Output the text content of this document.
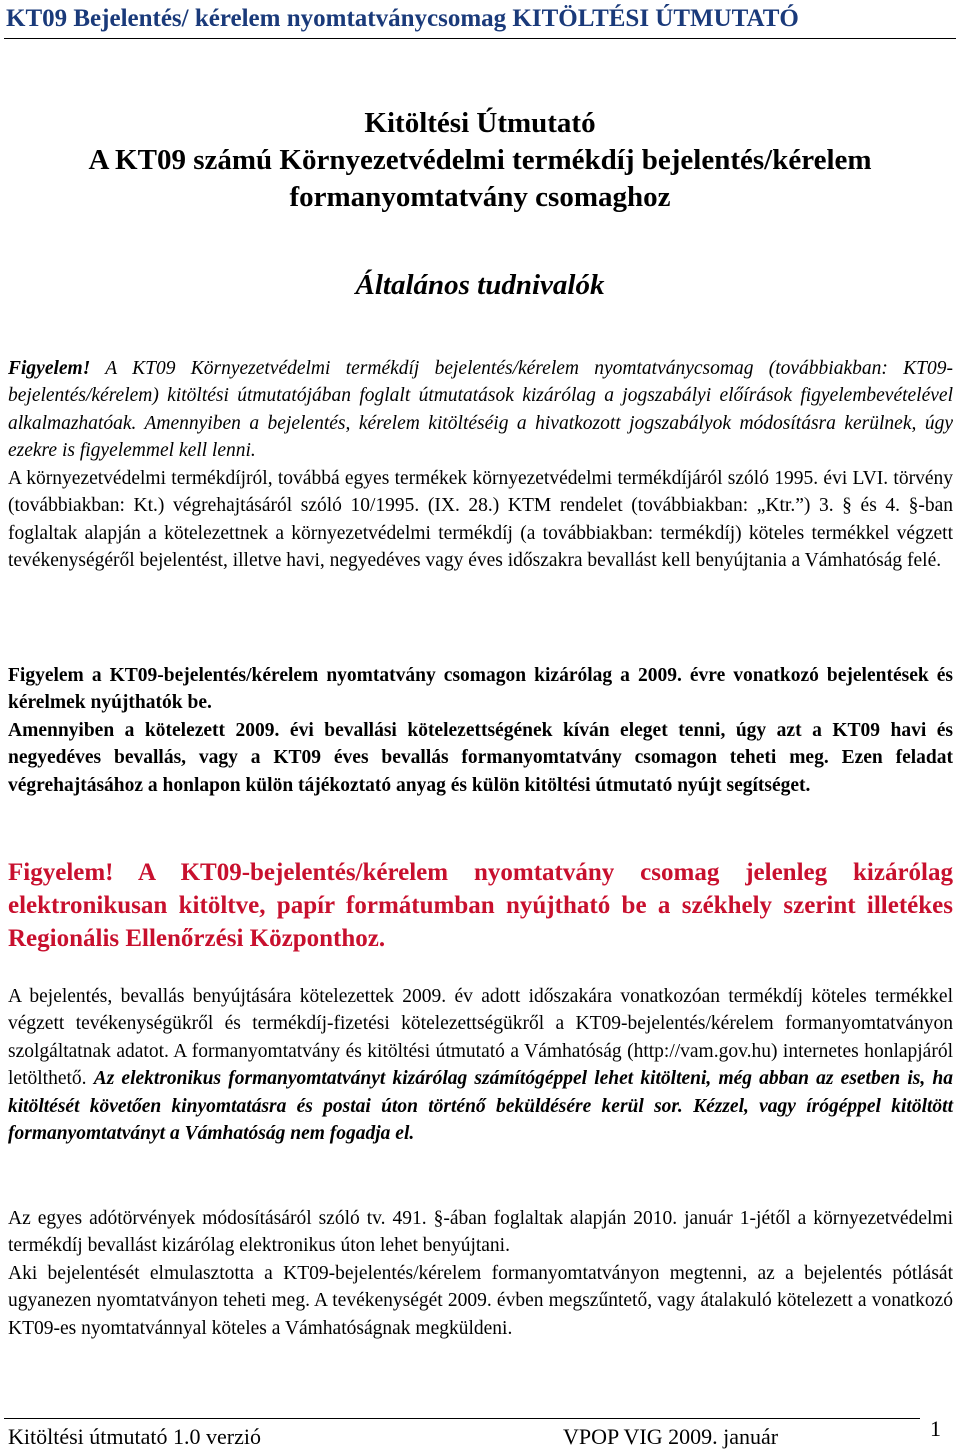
KT09 Bejelentés/ kérelem nyomtatványcsomag KITÖLTÉSI ÚTMUTATÓ
Kitöltési Útmutató
A KT09 számú Környezetvédelmi termékdíj bejelentés/kérelem
formanyomtatvány csomaghoz
Általános tudnivalók
Figyelem! A KT09 Környezetvédelmi termékdíj bejelentés/kérelem nyomtatványcsomag (továbbiakban: KT09-bejelentés/kérelem) kitöltési útmutatójában foglalt útmutatások kizárólag a jogszabályi előírások figyelembevételével alkalmazhatóak. Amennyiben a bejelentés, kérelem kitöltéséig a hivatkozott jogszabályok módosításra kerülnek, úgy ezekre is figyelemmel kell lenni.
A környezetvédelmi termékdíjról, továbbá egyes termékek környezetvédelmi termékdíjáról szóló 1995. évi LVI. törvény (továbbiakban: Kt.) végrehajtásáról szóló 10/1995. (IX. 28.) KTM rendelet (továbbiakban: „Ktr.”) 3. § és 4. §-ban foglaltak alapján a kötelezettnek a környezetvédelmi termékdíj (a továbbiakban: termékdíj) köteles termékkel végzett tevékenységéről bejelentést, illetve havi, negyedéves vagy éves időszakra bevallást kell benyújtania a Vámhatóság felé.
Figyelem a KT09-bejelentés/kérelem nyomtatvány csomagon kizárólag a 2009. évre vonatkozó bejelentések és kérelmek nyújthatók be.
Amennyiben a kötelezett 2009. évi bevallási kötelezettségének kíván eleget tenni, úgy azt a KT09 havi és negyedéves bevallás, vagy a KT09 éves bevallás formanyomtatvány csomagon teheti meg. Ezen feladat végrehajtásához a honlapon külön tájékoztató anyag és külön kitöltési útmutató nyújt segítséget.
Figyelem! A KT09-bejelentés/kérelem nyomtatvány csomag jelenleg kizárólag elektronikusan kitöltve, papír formátumban nyújtható be a székhely szerint illetékes Regionális Ellenőrzési Központhoz.
A bejelentés, bevallás benyújtására kötelezettek 2009. év adott időszakára vonatkozóan termékdíj köteles termékkel végzett tevékenységükről és termékdíj-fizetési kötelezettségükről a KT09-bejelentés/kérelem formanyomtatványon szolgáltatnak adatot. A formanyomtatvány és kitöltési útmutató a Vámhatóság (http://vam.gov.hu) internetes honlapjáról letölthető. Az elektronikus formanyomtatványt kizárólag számítógéppel lehet kitölteni, még abban az esetben is, ha kitöltését követően kinyomtatásra és postai úton történő beküldésére kerül sor. Kézzel, vagy írógéppel kitöltött formanyomtatványt a Vámhatóság nem fogadja el.
Az egyes adótörvények módosításáról szóló tv. 491. §-ában foglaltak alapján 2010. január 1-jétől a környezetvédelmi termékdíj bevallást kizárólag elektronikus úton lehet benyújtani.
Aki bejelentését elmulasztotta a KT09-bejelentés/kérelem formanyomtatványon megtenni, az a bejelentés pótlását ugyanezen nyomtatványon teheti meg. A tevékenységét 2009. évben megszűntető, vagy átalakuló kötelezett a vonatkozó KT09-es nyomtatvánnyal köteles a Vámhatóságnak megküldeni.
Kitöltési útmutató 1.0 verzió	VPOP VIG 2009. január	1
